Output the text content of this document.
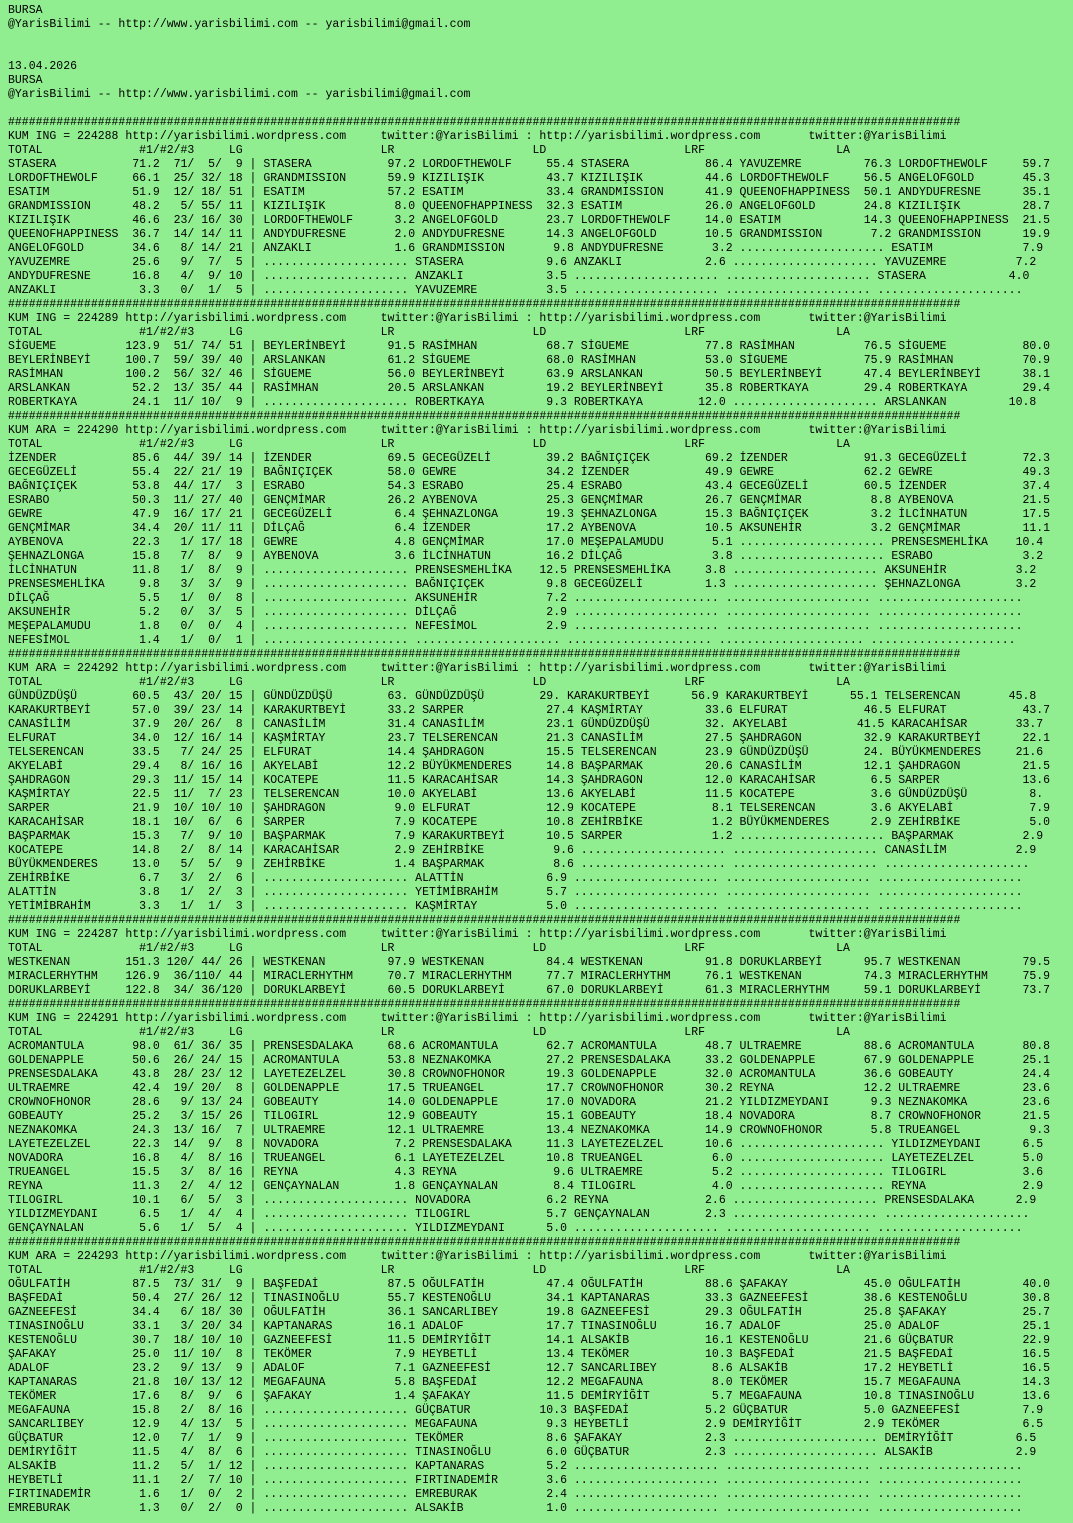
BURSA
@YarisBilimi -- http://www.yarisbilimi.com -- yarisbilimi@gmail.com

13.04.2026
BURSA
@YarisBilimi -- http://www.yarisbilimi.com -- yarisbilimi@gmail.com

##########################################################################################################################################
KUM ING = 224288 http://yarisbilimi.wordpress.com     twitter:@YarisBilimi : http://yarisbilimi.wordpress.com       twitter:@YarisBilimi
TOTAL              #1/#2/#3     LG                    LR                    LD                    LRF                   LA
STASERA           71.2  71/  5/  9 | STASERA           97.2 LORDOFTHEWOLF     55.4 STASERA           86.4 YAVUZEMRE         76.3 LORDOFTHEWOLF     59.7
LORDOFTHEWOLF     66.1  25/ 32/ 18 | GRANDMISSION      59.9 KIZILIŞIK         43.7 KIZILIŞIK         44.6 LORDOFTHEWOLF     56.5 ANGELOFGOLD       45.3
ESATIM            51.9  12/ 18/ 51 | ESATIM            57.2 ESATIM            33.4 GRANDMISSION      41.9 QUEENOFHAPPINESS  50.1 ANDYDUFRESNE      35.1
GRANDMISSION      48.2   5/ 55/ 11 | KIZILIŞIK          8.0 QUEENOFHAPPINESS  32.3 ESATIM            26.0 ANGELOFGOLD       24.8 KIZILIŞIK         28.7
KIZILIŞIK         46.6  23/ 16/ 30 | LORDOFTHEWOLF      3.2 ANGELOFGOLD       23.7 LORDOFTHEWOLF     14.0 ESATIM            14.3 QUEENOFHAPPINESS  21.5
QUEENOFHAPPINESS  36.7  14/ 14/ 11 | ANDYDUFRESNE       2.0 ANDYDUFRESNE      14.3 ANGELOFGOLD       10.5 GRANDMISSION       7.2 GRANDMISSION      19.9
ANGELOFGOLD       34.6   8/ 14/ 21 | ANZAKLI            1.6 GRANDMISSION       9.8 ANDYDUFRESNE       3.2 ..................... ESATIM             7.9
YAVUZEMRE         25.6   9/  7/  5 | ..................... STASERA            9.6 ANZAKLI            2.6 ..................... YAVUZEMRE          7.2
ANDYDUFRESNE      16.8   4/  9/ 10 | ..................... ANZAKLI            3.5 ..................... ..................... STASERA            4.0
ANZAKLI            3.3   0/  1/  5 | ..................... YAVUZEMRE          3.5 ..................... ..................... .....................
##########################################################################################################################################
KUM ING = 224289 http://yarisbilimi.wordpress.com     twitter:@YarisBilimi : http://yarisbilimi.wordpress.com       twitter:@YarisBilimi
TOTAL              #1/#2/#3     LG                    LR                    LD                    LRF                   LA
SİGUEME          123.9  51/ 74/ 51 | BEYLERİNBEYİ      91.5 RASİMHAN          68.7 SİGUEME           77.8 RASİMHAN          76.5 SİGUEME           80.0
BEYLERİNBEYİ     100.7  59/ 39/ 40 | ARSLANKAN         61.2 SİGUEME           68.0 RASİMHAN          53.0 SİGUEME           75.9 RASİMHAN          70.9
RASİMHAN         100.2  56/ 32/ 46 | SİGUEME           56.0 BEYLERİNBEYİ      63.9 ARSLANKAN         50.5 BEYLERİNBEYİ      47.4 BEYLERİNBEYİ      38.1
ARSLANKAN         52.2  13/ 35/ 44 | RASİMHAN          20.5 ARSLANKAN         19.2 BEYLERİNBEYİ      35.8 ROBERTKAYA        29.4 ROBERTKAYA        29.4
ROBERTKAYA        24.1  11/ 10/  9 | ..................... ROBERTKAYA         9.3 ROBERTKAYA        12.0 ..................... ARSLANKAN         10.8
##########################################################################################################################################
KUM ARA = 224290 http://yarisbilimi.wordpress.com     twitter:@YarisBilimi : http://yarisbilimi.wordpress.com       twitter:@YarisBilimi
TOTAL              #1/#2/#3     LG                    LR                    LD                    LRF                   LA
İZENDER           85.6  44/ 39/ 14 | İZENDER           69.5 GECEGÜZELİ        39.2 BAĞNIÇIÇEK        69.2 İZENDER           91.3 GECEGÜZELİ        72.3
GECEGÜZELİ        55.4  22/ 21/ 19 | BAĞNIÇIÇEK        58.0 GEWRE             34.2 İZENDER           49.9 GEWRE             62.2 GEWRE             49.3
BAĞNIÇIÇEK        53.8  44/ 17/  3 | ESRABO            54.3 ESRABO            25.4 ESRABO            43.4 GECEGÜZELİ        60.5 İZENDER           37.4
ESRABO            50.3  11/ 27/ 40 | GENÇMİMAR         26.2 AYBENOVA          25.3 GENÇMİMAR         26.7 GENÇMİMAR          8.8 AYBENOVA          21.5
GEWRE             47.9  16/ 17/ 21 | GECEGÜZELİ         6.4 ŞEHNAZLONGA       19.3 ŞEHNAZLONGA       15.3 BAĞNIÇIÇEK         3.2 İLCİNHATUN        17.5
GENÇMİMAR         34.4  20/ 11/ 11 | DİLÇAĞ             6.4 İZENDER           17.2 AYBENOVA          10.5 AKSUNEHİR          3.2 GENÇMİMAR         11.1
AYBENOVA          22.3   1/ 17/ 18 | GEWRE              4.8 GENÇMİMAR         17.0 MEŞEPALAMUDU       5.1 ..................... PRENSESMEHLİKA    10.4
ŞEHNAZLONGA       15.8   7/  8/  9 | AYBENOVA           3.6 İLCİNHATUN        16.2 DİLÇAĞ             3.8 ..................... ESRABO             3.2
İLCİNHATUN        11.8   1/  8/  9 | ..................... PRENSESMEHLİKA    12.5 PRENSESMEHLİKA     3.8 ..................... AKSUNEHİR          3.2
PRENSESMEHLİKA     9.8   3/  3/  9 | ..................... BAĞNIÇIÇEK         9.8 GECEGÜZELİ         1.3 ..................... ŞEHNAZLONGA        3.2
DİLÇAĞ             5.5   1/  0/  8 | ..................... AKSUNEHİR          7.2 ..................... ..................... .....................
AKSUNEHİR          5.2   0/  3/  5 | ..................... DİLÇAĞ             2.9 ..................... ..................... .....................
MEŞEPALAMUDU       1.8   0/  0/  4 | ..................... NEFESİMOL          2.9 ..................... ..................... .....................
NEFESİMOL          1.4   1/  0/  1 | ..................... ..................... ..................... ..................... .....................
##########################################################################################################################################
KUM ARA = 224292 http://yarisbilimi.wordpress.com     twitter:@YarisBilimi : http://yarisbilimi.wordpress.com       twitter:@YarisBilimi
TOTAL              #1/#2/#3     LG                    LR                    LD                    LRF                   LA
GÜNDÜZDÜŞÜ        60.5  43/ 20/ 15 | GÜNDÜZDÜŞÜ        63. GÜNDÜZDÜŞÜ        29. KARAKURTBEYİ      56.9 KARAKURTBEYİ      55.1 TELSERENCAN       45.8
KARAKURTBEYİ      57.0  39/ 23/ 14 | KARAKURTBEYİ      33.2 SARPER            27.4 KAŞMİRTAY         33.6 ELFURAT           46.5 ELFURAT           43.7
CANASİLİM         37.9  20/ 26/  8 | CANASİLİM         31.4 CANASİLİM         23.1 GÜNDÜZDÜŞÜ        32. AKYELABİ          41.5 KARACAHİSAR       33.7
ELFURAT           34.0  12/ 16/ 14 | KAŞMİRTAY         23.7 TELSERENCAN       21.3 CANASİLİM         27.5 ŞAHDRAGON         32.9 KARAKURTBEYİ      22.1
TELSERENCAN       33.5   7/ 24/ 25 | ELFURAT           14.4 ŞAHDRAGON         15.5 TELSERENCAN       23.9 GÜNDÜZDÜŞÜ        24. BÜYÜKMENDERES     21.6
AKYELABİ          29.4   8/ 16/ 16 | AKYELABİ          12.2 BÜYÜKMENDERES     14.8 BAŞPARMAK         20.6 CANASİLİM         12.1 ŞAHDRAGON         21.5
ŞAHDRAGON         29.3  11/ 15/ 14 | KOCATEPE          11.5 KARACAHİSAR       14.3 ŞAHDRAGON         12.0 KARACAHİSAR        6.5 SARPER            13.6
KAŞMİRTAY         22.5  11/  7/ 23 | TELSERENCAN       10.0 AKYELABİ          13.6 AKYELABİ          11.5 KOCATEPE           3.6 GÜNDÜZDÜŞÜ         8.
SARPER            21.9  10/ 10/ 10 | ŞAHDRAGON          9.0 ELFURAT           12.9 KOCATEPE           8.1 TELSERENCAN        3.6 AKYELABİ           7.9
KARACAHİSAR       18.1  10/  6/  6 | SARPER             7.9 KOCATEPE          10.8 ZEHİRBİKE          1.2 BÜYÜKMENDERES      2.9 ZEHİRBİKE          5.0
BAŞPARMAK         15.3   7/  9/ 10 | BAŞPARMAK          7.9 KARAKURTBEYİ      10.5 SARPER             1.2 ..................... BAŞPARMAK          2.9
KOCATEPE          14.8   2/  8/ 14 | KARACAHİSAR        2.9 ZEHİRBİKE          9.6 ..................... ..................... CANASİLİM          2.9
BÜYÜKMENDERES     13.0   5/  5/  9 | ZEHİRBİKE          1.4 BAŞPARMAK          8.6 ..................... ..................... .....................
ZEHİRBİKE          6.7   3/  2/  6 | ..................... ALATTİN            6.9 ..................... ..................... .....................
ALATTİN            3.8   1/  2/  3 | ..................... YETİMİBRAHİM       5.7 ..................... ..................... .....................
YETİMİBRAHİM       3.3   1/  1/  3 | ..................... KAŞMİRTAY          5.0 ..................... ..................... .....................
##########################################################################################################################################
KUM ING = 224287 http://yarisbilimi.wordpress.com     twitter:@YarisBilimi : http://yarisbilimi.wordpress.com       twitter:@YarisBilimi
TOTAL              #1/#2/#3     LG                    LR                    LD                    LRF                   LA
WESTKENAN        151.3 120/ 44/ 26 | WESTKENAN         97.9 WESTKENAN         84.4 WESTKENAN         91.8 DORUKLARBEYİ      95.7 WESTKENAN         79.5
MIRACLERHYTHM    126.9  36/110/ 44 | MIRACLERHYTHM     70.7 MIRACLERHYTHM     77.7 MIRACLERHYTHM     76.1 WESTKENAN         74.3 MIRACLERHYTHM     75.9
DORUKLARBEYİ     122.8  34/ 36/120 | DORUKLARBEYİ      60.5 DORUKLARBEYİ      67.0 DORUKLARBEYİ      61.3 MIRACLERHYTHM     59.1 DORUKLARBEYİ      73.7
##########################################################################################################################################
KUM ING = 224291 http://yarisbilimi.wordpress.com     twitter:@YarisBilimi : http://yarisbilimi.wordpress.com       twitter:@YarisBilimi
TOTAL              #1/#2/#3     LG                    LR                    LD                    LRF                   LA
ACROMANTULA       98.0  61/ 36/ 35 | PRENSESDALAKA     68.6 ACROMANTULA       62.7 ACROMANTULA       48.7 ULTRAEMRE         88.6 ACROMANTULA       80.8
GOLDENAPPLE       50.6  26/ 24/ 15 | ACROMANTULA       53.8 NEZNAKOMKA        27.2 PRENSESDALAKA     33.2 GOLDENAPPLE       67.9 GOLDENAPPLE       25.1
PRENSESDALAKA     43.8  28/ 23/ 12 | LAYETEZELZEL      30.8 CROWNOFHONOR      19.3 GOLDENAPPLE       32.0 ACROMANTULA       36.6 GOBEAUTY          24.4
ULTRAEMRE         42.4  19/ 20/  8 | GOLDENAPPLE       17.5 TRUEANGEL         17.7 CROWNOFHONOR      30.2 REYNA             12.2 ULTRAEMRE         23.6
CROWNOFHONOR      28.6   9/ 13/ 24 | GOBEAUTY          14.0 GOLDENAPPLE       17.0 NOVADORA          21.2 YILDIZMEYDANI      9.3 NEZNAKOMKA        23.6
GOBEAUTY          25.2   3/ 15/ 26 | TILOGIRL          12.9 GOBEAUTY          15.1 GOBEAUTY          18.4 NOVADORA           8.7 CROWNOFHONOR      21.5
NEZNAKOMKA        24.3  13/ 16/  7 | ULTRAEMRE         12.1 ULTRAEMRE         13.4 NEZNAKOMKA        14.9 CROWNOFHONOR       5.8 TRUEANGEL          9.3
LAYETEZELZEL      22.3  14/  9/  8 | NOVADORA           7.2 PRENSESDALAKA     11.3 LAYETEZELZEL      10.6 ..................... YILDIZMEYDANI      6.5
NOVADORA          16.8   4/  8/ 16 | TRUEANGEL          6.1 LAYETEZELZEL      10.8 TRUEANGEL          6.0 ..................... LAYETEZELZEL       5.0
TRUEANGEL         15.5   3/  8/ 16 | REYNA              4.3 REYNA              9.6 ULTRAEMRE          5.2 ..................... TILOGIRL           3.6
REYNA             11.3   2/  4/ 12 | GENÇAYNALAN        1.8 GENÇAYNALAN        8.4 TILOGIRL           4.0 ..................... REYNA              2.9
TILOGIRL          10.1   6/  5/  3 | ..................... NOVADORA           6.2 REYNA              2.6 ..................... PRENSESDALAKA      2.9
YILDIZMEYDANI      6.5   1/  4/  4 | ..................... TILOGIRL           5.7 GENÇAYNALAN        2.3 ..................... .....................
GENÇAYNALAN        5.6   1/  5/  4 | ..................... YILDIZMEYDANI      5.0 ..................... ..................... .....................
##########################################################################################################################################
KUM ARA = 224293 http://yarisbilimi.wordpress.com     twitter:@YarisBilimi : http://yarisbilimi.wordpress.com       twitter:@YarisBilimi
TOTAL              #1/#2/#3     LG                    LR                    LD                    LRF                   LA
OĞULFATİH         87.5  73/ 31/  9 | BAŞFEDAİ          87.5 OĞULFATİH         47.4 OĞULFATİH         88.6 ŞAFAKAY           45.0 OĞULFATİH         40.0
BAŞFEDAİ          50.4  27/ 26/ 12 | TINASINOĞLU       55.7 KESTENOĞLU        34.1 KAPTANARAS        33.3 GAZNEEFESİ        38.6 KESTENOĞLU        30.8
GAZNEEFESİ        34.4   6/ 18/ 30 | OĞULFATİH         36.1 SANCARLIBEY       19.8 GAZNEEFESİ        29.3 OĞULFATİH         25.8 ŞAFAKAY           25.7
TINASINOĞLU       33.1   3/ 20/ 34 | KAPTANARAS        16.1 ADALOF            17.7 TINASINOĞLU       16.7 ADALOF            25.0 ADALOF            25.1
KESTENOĞLU        30.7  18/ 10/ 10 | GAZNEEFESİ        11.5 DEMİRYİĞİT        14.1 ALSAKİB           16.1 KESTENOĞLU        21.6 GÜÇBATUR          22.9
ŞAFAKAY           25.0  11/ 10/  8 | TEKÖMER            7.9 HEYBETLİ          13.4 TEKÖMER           10.3 BAŞFEDAİ          21.5 BAŞFEDAİ          16.5
ADALOF            23.2   9/ 13/  9 | ADALOF             7.1 GAZNEEFESİ        12.7 SANCARLIBEY        8.6 ALSAKİB           17.2 HEYBETLİ          16.5
KAPTANARAS        21.8  10/ 13/ 12 | MEGAFAUNA          5.8 BAŞFEDAİ          12.2 MEGAFAUNA          8.0 TEKÖMER           15.7 MEGAFAUNA         14.3
TEKÖMER           17.6   8/  9/  6 | ŞAFAKAY            1.4 ŞAFAKAY           11.5 DEMİRYİĞİT         5.7 MEGAFAUNA         10.8 TINASINOĞLU       13.6
MEGAFAUNA         15.8   2/  8/ 16 | ..................... GÜÇBATUR          10.3 BAŞFEDAİ           5.2 GÜÇBATUR           5.0 GAZNEEFESİ         7.9
SANCARLIBEY       12.9   4/ 13/  5 | ..................... MEGAFAUNA          9.3 HEYBETLİ           2.9 DEMİRYİĞİT         2.9 TEKÖMER            6.5
GÜÇBATUR          12.0   7/  1/  9 | ..................... TEKÖMER            8.6 ŞAFAKAY            2.3 ..................... DEMİRYİĞİT         6.5
DEMİRYİĞİT        11.5   4/  8/  6 | ..................... TINASINOĞLU        6.0 GÜÇBATUR           2.3 ..................... ALSAKİB            2.9
ALSAKİB           11.2   5/  1/ 12 | ..................... KAPTANARAS         5.2 ..................... ..................... .....................
HEYBETLİ          11.1   2/  7/ 10 | ..................... FIRTINADEMİR       3.6 ..................... ..................... .....................
FIRTINADEMİR       1.6   1/  0/  2 | ..................... EMREBURAK          2.4 ..................... ..................... .....................
EMREBURAK          1.3   0/  2/  0 | ..................... ALSAKİB            1.0 ..................... ..................... .....................
